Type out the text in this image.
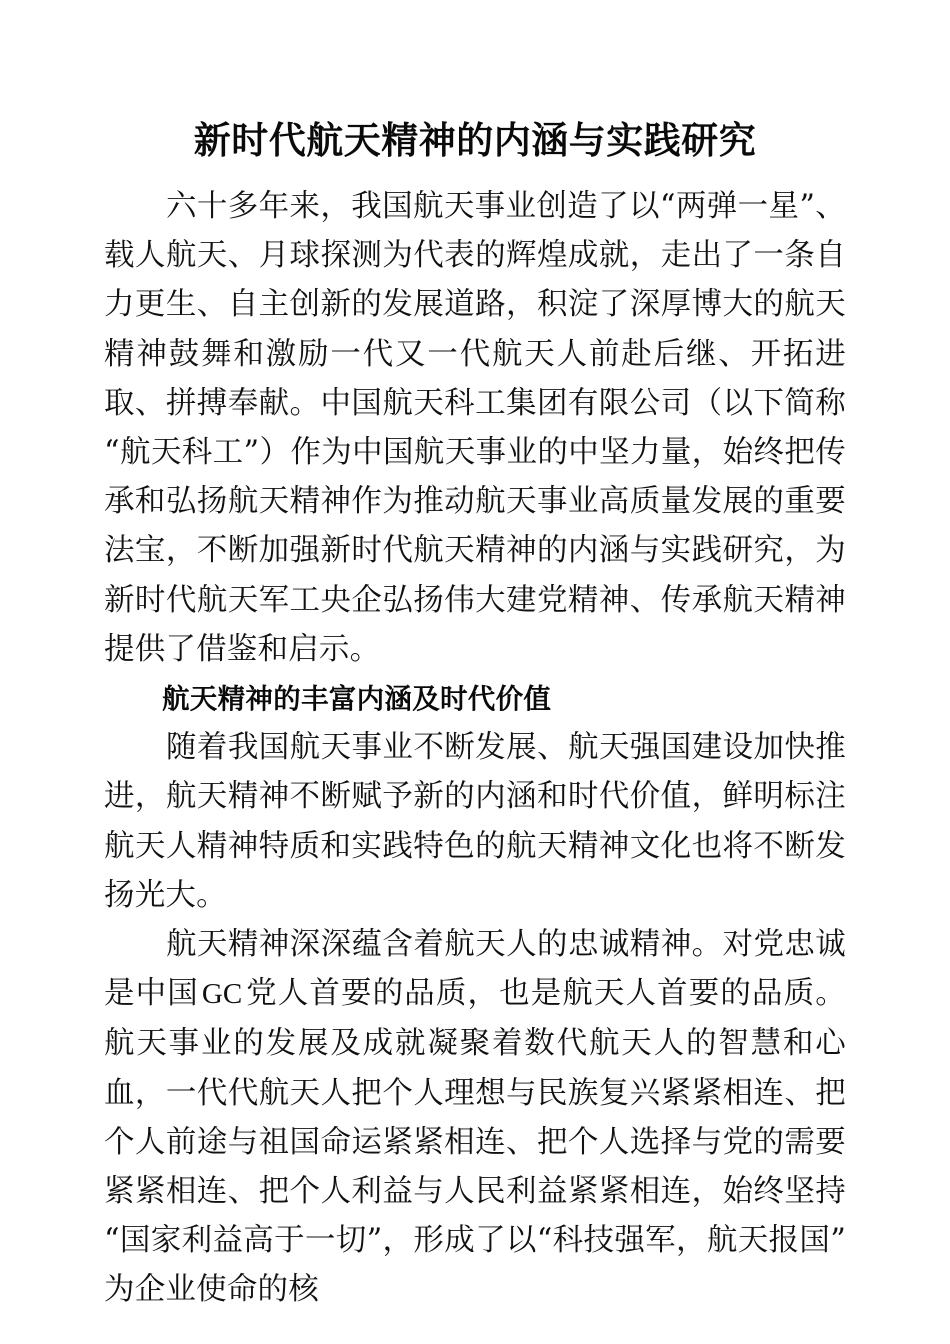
新时代航天精神的内涵与实践研究

六十多年来，我国航天事业创造了以“两弹一星”、载人航天、月球探测为代表的辉煌成就，走出了一条自力更生、自主创新的发展道路，积淀了深厚博大的航天精神鼓舞和激励一代又一代航天人前赴后继、开拓进取、拼搏奉献。中国航天科工集团有限公司（以下简称“航天科工”）作为中国航天事业的中坚力量，始终把传承和弘扬航天精神作为推动航天事业高质量发展的重要法宝，不断加强新时代航天精神的内涵与实践研究，为新时代航天军工央企弘扬伟大建党精神、传承航天精神提供了借鉴和启示。

航天精神的丰富内涵及时代价值

随着我国航天事业不断发展、航天强国建设加快推进，航天精神不断赋予新的内涵和时代价值，鲜明标注航天人精神特质和实践特色的航天精神文化也将不断发扬光大。

航天精神深深蕴含着航天人的忠诚精神。对党忠诚是中国 GC党人首要的品质，也是航天人首要的品质。航天事业的发展及成就凝聚着数代航天人的智慧和心血，一代代航天人把个人理想与民族复兴紧紧相连、把个人前途与祖国命运紧紧相连、把个人选择与党的需要紧紧相连、把个人利益与人民利益紧紧相连，始终坚持“国家利益高于一切”，形成了以“科技强军，航天报国”为企业使命的核
